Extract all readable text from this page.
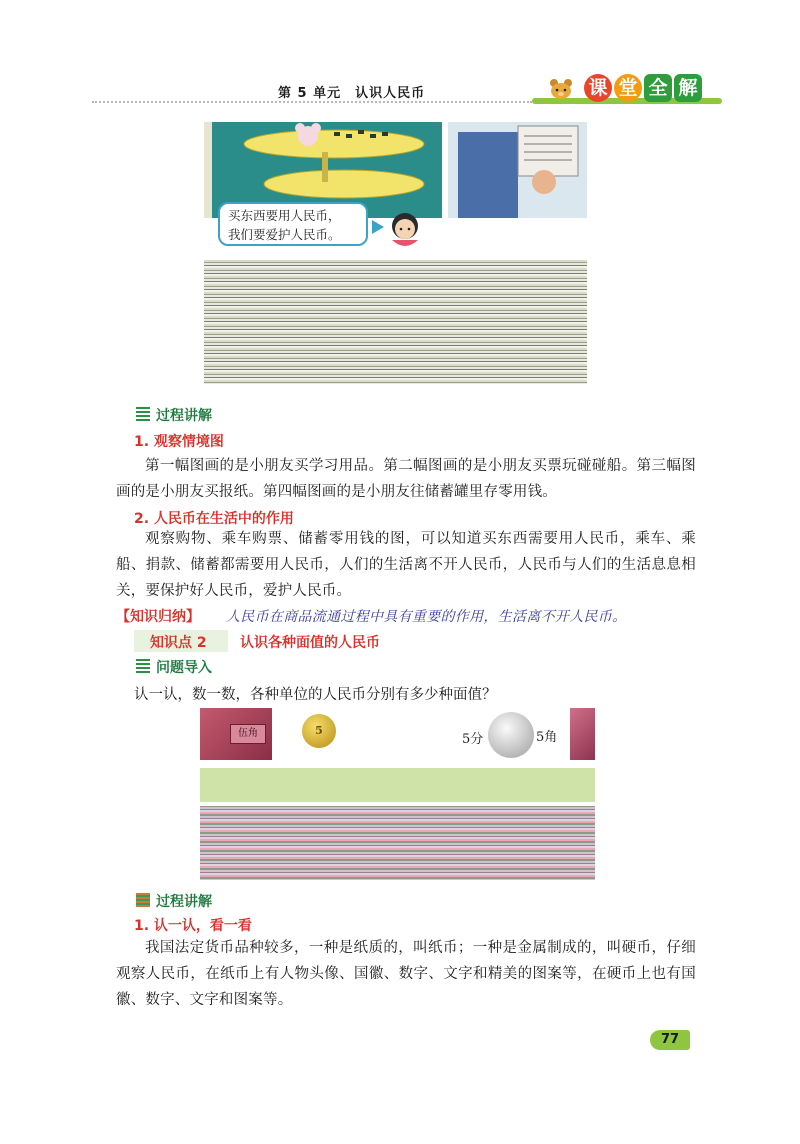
第 5 单元 认识人民币	课 堂 全 解
买东西要用人民币，
我们要爱护人民币。
过程讲解
1. 观察情境图

第一幅图画的是小朋友买学习用品。第二幅图画的是小朋友买票玩碰碰船。第三幅图画的是小朋友买报纸。第四幅图画的是小朋友往储蓄罐里存零用钱。

2. 人民币在生活中的作用

观察购物、乘车购票、储蓄零用钱的图，可以知道买东西需要用人民币，乘车、乘船、捐款、储蓄都需要用人民币，人们的生活离不开人民币，人民币与人们的生活息息相关，要保护好人民币，爱护人民币。

【知识归纳】 人民币在商品流通过程中具有重要的作用，生活离不开人民币。
知识点 2 认识各种面值的人民币
问题导入
认一认，数一数，各种单位的人民币分别有多少种面值？
伍角	5
5分	5角
过程讲解
1. 认一认，看一看

我国法定货币品种较多，一种是纸质的，叫纸币；一种是金属制成的，叫硬币，仔细观察人民币，在纸币上有人物头像、国徽、数字、文字和精美的图案等，在硬币上也有国徽、数字、文字和图案等。

77
